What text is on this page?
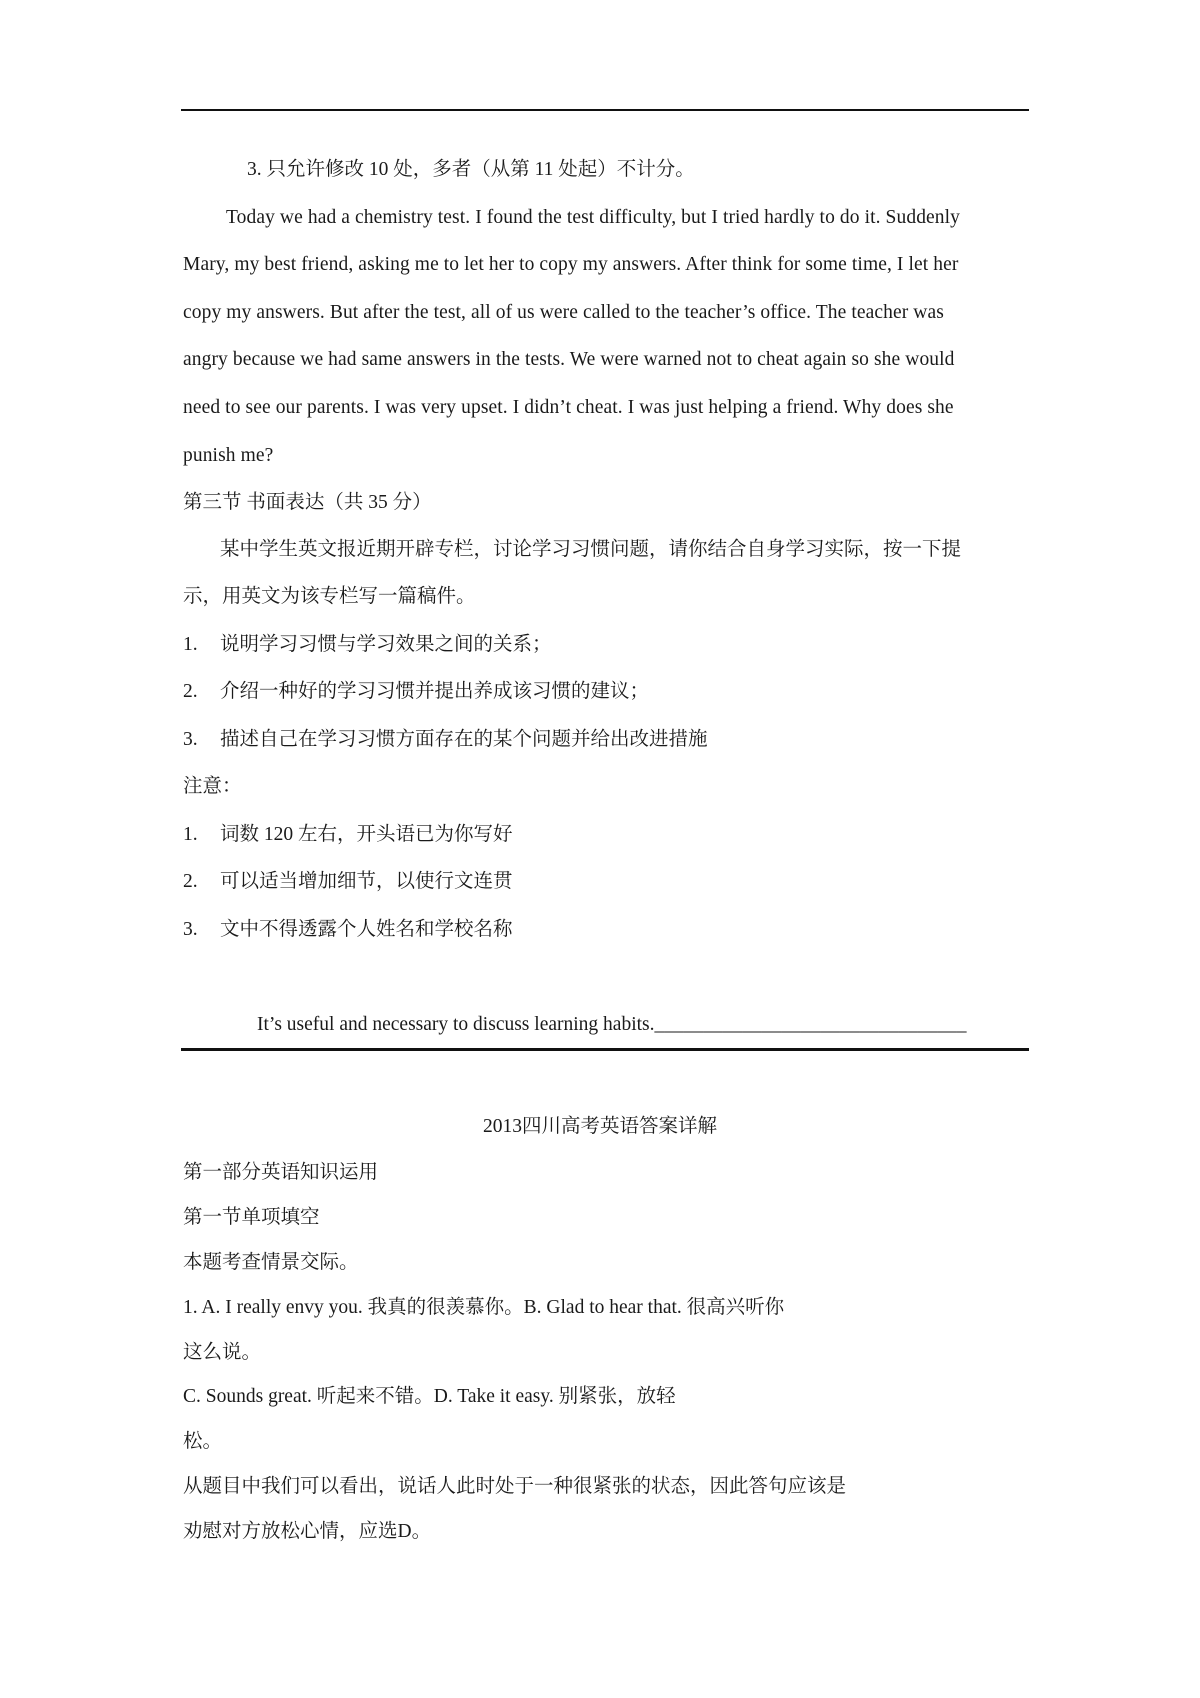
3. 只允许修改 10 处，多者（从第 11 处起）不计分。
Today we had a chemistry test. I found the test difficulty, but I tried hardly to do it. Suddenly
Mary, my best friend, asking me to let her to copy my answers. After think for some time, I let her
copy my answers. But after the test, all of us were called to the teacher’s office. The teacher was
angry because we had same answers in the tests. We were warned not to cheat again so she would
need to see our parents. I was very upset. I didn’t cheat. I was just helping a friend. Why does she
punish me?
第三节 书面表达（共 35 分）
某中学生英文报近期开辟专栏，讨论学习习惯问题，请你结合自身学习实际，按一下提
示，用英文为该专栏写一篇稿件。
1. 说明学习习惯与学习效果之间的关系；
2. 介绍一种好的学习习惯并提出养成该习惯的建议；
3. 描述自己在学习习惯方面存在的某个问题并给出改进措施
注意：
1. 词数 120 左右，开头语已为你写好
2. 可以适当增加细节，以使行文连贯
3. 文中不得透露个人姓名和学校名称
It’s useful and necessary to discuss learning habits.________________________________
2013四川高考英语答案详解
第一部分英语知识运用
第一节单项填空
本题考查情景交际。
1. A. I really envy you. 我真的很羡慕你。B. Glad to hear that. 很高兴听你
这么说。
C. Sounds great. 听起来不错。D. Take it easy. 别紧张，放轻
松。
从题目中我们可以看出，说话人此时处于一种很紧张的状态，因此答句应该是
劝慰对方放松心情，应选D。
